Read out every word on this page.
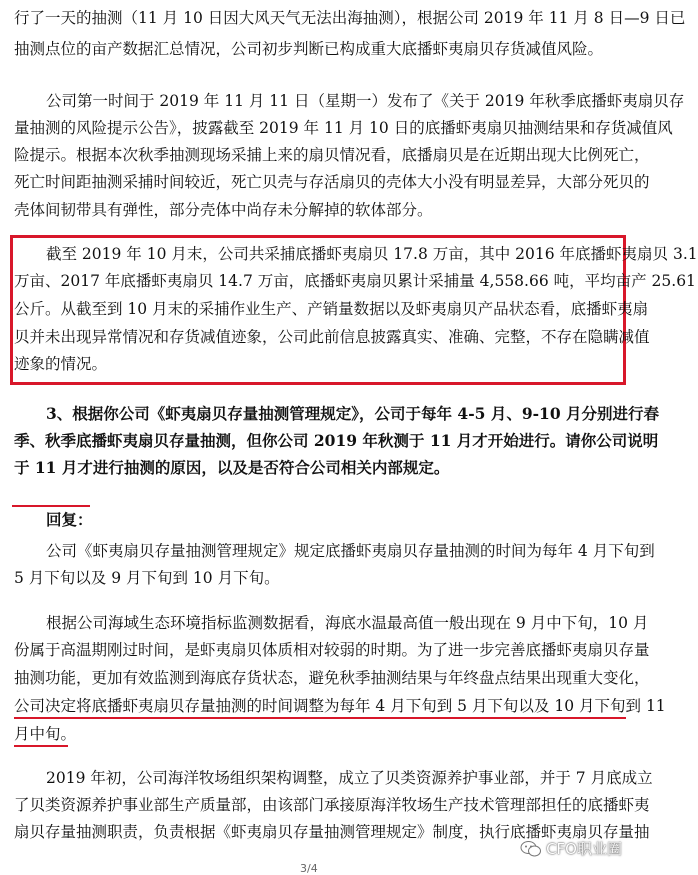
行了一天的抽测（11 月 10 日因大风天气无法出海抽测），根据公司 2019 年 11 月 8 日—9 日已
抽测点位的亩产数据汇总情况，公司初步判断已构成重大底播虾夷扇贝存货减值风险。
公司第一时间于 2019 年 11 月 11 日（星期一）发布了《关于 2019 年秋季底播虾夷扇贝存
量抽测的风险提示公告》，披露截至 2019 年 11 月 10 日的底播虾夷扇贝抽测结果和存货减值风
险提示。根据本次秋季抽测现场采捕上来的扇贝情况看，底播扇贝是在近期出现大比例死亡，
死亡时间距抽测采捕时间较近，死亡贝壳与存活扇贝的壳体大小没有明显差异，大部分死贝的
壳体间韧带具有弹性，部分壳体中尚存未分解掉的软体部分。
截至 2019 年 10 月末，公司共采捕底播虾夷扇贝 17.8 万亩，其中 2016 年底播虾夷扇贝 3.1
万亩、2017 年底播虾夷扇贝 14.7 万亩，底播虾夷扇贝累计采捕量 4,558.66 吨，平均亩产 25.61
公斤。从截至到 10 月末的采捕作业生产、产销量数据以及虾夷扇贝产品状态看，底播虾夷扇
贝并未出现异常情况和存货减值迹象，公司此前信息披露真实、准确、完整，不存在隐瞒减值
迹象的情况。
3、根据你公司《虾夷扇贝存量抽测管理规定》，公司于每年 4-5 月、9-10 月分别进行春
季、秋季底播虾夷扇贝存量抽测，但你公司 2019 年秋测于 11 月才开始进行。请你公司说明
于 11 月才进行抽测的原因，以及是否符合公司相关内部规定。
回复：
公司《虾夷扇贝存量抽测管理规定》规定底播虾夷扇贝存量抽测的时间为每年 4 月下旬到
5 月下旬以及 9 月下旬到 10 月下旬。
根据公司海域生态环境指标监测数据看，海底水温最高值一般出现在 9 月中下旬，10 月
份属于高温期刚过时间，是虾夷扇贝体质相对较弱的时期。为了进一步完善底播虾夷扇贝存量
抽测功能，更加有效监测到海底存货状态，避免秋季抽测结果与年终盘点结果出现重大变化，
公司决定将底播虾夷扇贝存量抽测的时间调整为每年 4 月下旬到 5 月下旬以及 10 月下旬到 11
月中旬。
2019 年初，公司海洋牧场组织架构调整，成立了贝类资源养护事业部，并于 7 月底成立
了贝类资源养护事业部生产质量部，由该部门承接原海洋牧场生产技术管理部担任的底播虾夷
扇贝存量抽测职责，负责根据《虾夷扇贝存量抽测管理规定》制度，执行底播虾夷扇贝存量抽
3/4
CFO职业圈
